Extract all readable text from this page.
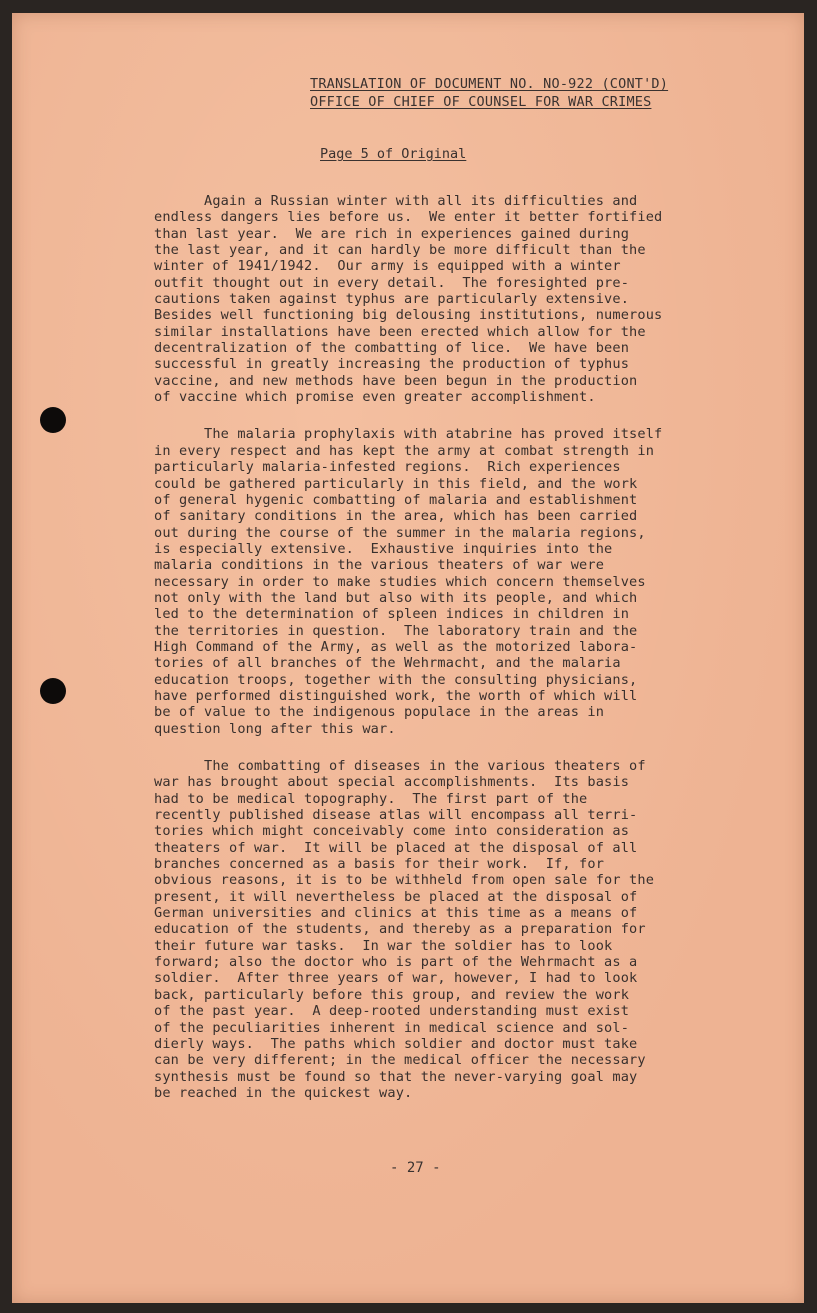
TRANSLATION OF DOCUMENT NO. NO-922 (CONT'D)
OFFICE OF CHIEF OF COUNSEL FOR WAR CRIMES
Page 5 of Original
Again a Russian winter with all its difficulties and
endless dangers lies before us.  We enter it better fortified
than last year.  We are rich in experiences gained during
the last year, and it can hardly be more difficult than the
winter of 1941/1942.  Our army is equipped with a winter
outfit thought out in every detail.  The foresighted pre-
cautions taken against typhus are particularly extensive.
Besides well functioning big delousing institutions, numerous
similar installations have been erected which allow for the
decentralization of the combatting of lice.  We have been
successful in greatly increasing the production of typhus
vaccine, and new methods have been begun in the production
of vaccine which promise even greater accomplishment.
The malaria prophylaxis with atabrine has proved itself
in every respect and has kept the army at combat strength in
particularly malaria-infested regions.  Rich experiences
could be gathered particularly in this field, and the work
of general hygenic combatting of malaria and establishment
of sanitary conditions in the area, which has been carried
out during the course of the summer in the malaria regions,
is especially extensive.  Exhaustive inquiries into the
malaria conditions in the various theaters of war were
necessary in order to make studies which concern themselves
not only with the land but also with its people, and which
led to the determination of spleen indices in children in
the territories in question.  The laboratory train and the
High Command of the Army, as well as the motorized labora-
tories of all branches of the Wehrmacht, and the malaria
education troops, together with the consulting physicians,
have performed distinguished work, the worth of which will
be of value to the indigenous populace in the areas in
question long after this war.
The combatting of diseases in the various theaters of
war has brought about special accomplishments.  Its basis
had to be medical topography.  The first part of the
recently published disease atlas will encompass all terri-
tories which might conceivably come into consideration as
theaters of war.  It will be placed at the disposal of all
branches concerned as a basis for their work.  If, for
obvious reasons, it is to be withheld from open sale for the
present, it will nevertheless be placed at the disposal of
German universities and clinics at this time as a means of
education of the students, and thereby as a preparation for
their future war tasks.  In war the soldier has to look
forward; also the doctor who is part of the Wehrmacht as a
soldier.  After three years of war, however, I had to look
back, particularly before this group, and review the work
of the past year.  A deep-rooted understanding must exist
of the peculiarities inherent in medical science and sol-
dierly ways.  The paths which soldier and doctor must take
can be very different; in the medical officer the necessary
synthesis must be found so that the never-varying goal may
be reached in the quickest way.
- 27 -
